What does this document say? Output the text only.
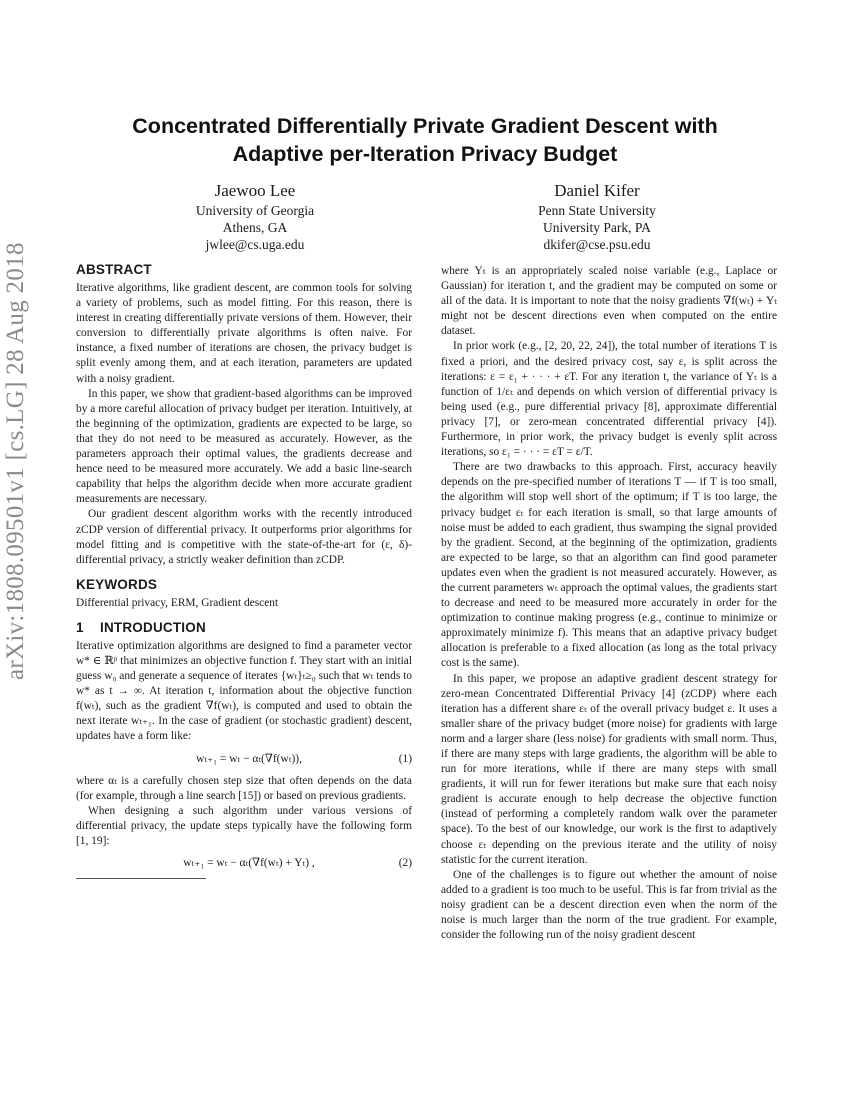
arXiv:1808.09501v1 [cs.LG] 28 Aug 2018
Concentrated Differentially Private Gradient Descent with Adaptive per-Iteration Privacy Budget
Jaewoo Lee
University of Georgia
Athens, GA
jwlee@cs.uga.edu
Daniel Kifer
Penn State University
University Park, PA
dkifer@cse.psu.edu
ABSTRACT

Iterative algorithms, like gradient descent, are common tools for solving a variety of problems, such as model fitting. For this reason, there is interest in creating differentially private versions of them. However, their conversion to differentially private algorithms is often naive. For instance, a fixed number of iterations are chosen, the privacy budget is split evenly among them, and at each iteration, parameters are updated with a noisy gradient.

In this paper, we show that gradient-based algorithms can be improved by a more careful allocation of privacy budget per iteration. Intuitively, at the beginning of the optimization, gradients are expected to be large, so that they do not need to be measured as accurately. However, as the parameters approach their optimal values, the gradients decrease and hence need to be measured more accurately. We add a basic line-search capability that helps the algorithm decide when more accurate gradient measurements are necessary.

Our gradient descent algorithm works with the recently introduced zCDP version of differential privacy. It outperforms prior algorithms for model fitting and is competitive with the state-of-the-art for (ε, δ)-differential privacy, a strictly weaker definition than zCDP.

KEYWORDS

Differential privacy, ERM, Gradient descent

1 INTRODUCTION

Iterative optimization algorithms are designed to find a parameter vector w* ∈ ℝᵖ that minimizes an objective function f. They start with an initial guess w₀ and generate a sequence of iterates {wₜ}ₜ≥₀ such that wₜ tends to w* as t → ∞. At iteration t, information about the objective function f(wₜ), such as the gradient ∇f(wₜ), is computed and used to obtain the next iterate wₜ₊₁. In the case of gradient (or stochastic gradient) descent, updates have a form like:

wₜ₊₁ = wₜ − αₜ(∇f(wₜ)),	(1)

where αₜ is a carefully chosen step size that often depends on the data (for example, through a line search [15]) or based on previous gradients.

When designing a such algorithm under various versions of differential privacy, the update steps typically have the following form [1, 19]:

wₜ₊₁ = wₜ − αₜ(∇f(wₜ) + Yₜ) ,	(2)

where Yₜ is an appropriately scaled noise variable (e.g., Laplace or Gaussian) for iteration t, and the gradient may be computed on some or all of the data. It is important to note that the noisy gradients ∇f(wₜ) + Yₜ might not be descent directions even when computed on the entire dataset.

In prior work (e.g., [2, 20, 22, 24]), the total number of iterations T is fixed a priori, and the desired privacy cost, say ε, is split across the iterations: ε = ε₁ + · · · + εT. For any iteration t, the variance of Yₜ is a function of 1/εₜ and depends on which version of differential privacy is being used (e.g., pure differential privacy [8], approximate differential privacy [7], or zero-mean concentrated differential privacy [4]). Furthermore, in prior work, the privacy budget is evenly split across iterations, so ε₁ = · · · = εT = ε/T.

There are two drawbacks to this approach. First, accuracy heavily depends on the pre-specified number of iterations T — if T is too small, the algorithm will stop well short of the optimum; if T is too large, the privacy budget εₜ for each iteration is small, so that large amounts of noise must be added to each gradient, thus swamping the signal provided by the gradient. Second, at the beginning of the optimization, gradients are expected to be large, so that an algorithm can find good parameter updates even when the gradient is not measured accurately. However, as the current parameters wₜ approach the optimal values, the gradients start to decrease and need to be measured more accurately in order for the optimization to continue making progress (e.g., continue to minimize or approximately minimize f). This means that an adaptive privacy budget allocation is preferable to a fixed allocation (as long as the total privacy cost is the same).

In this paper, we propose an adaptive gradient descent strategy for zero-mean Concentrated Differential Privacy [4] (zCDP) where each iteration has a different share εₜ of the overall privacy budget ε. It uses a smaller share of the privacy budget (more noise) for gradients with large norm and a larger share (less noise) for gradients with small norm. Thus, if there are many steps with large gradients, the algorithm will be able to run for more iterations, while if there are many steps with small gradients, it will run for fewer iterations but make sure that each noisy gradient is accurate enough to help decrease the objective function (instead of performing a completely random walk over the parameter space). To the best of our knowledge, our work is the first to adaptively choose εₜ depending on the previous iterate and the utility of noisy statistic for the current iteration.

One of the challenges is to figure out whether the amount of noise added to a gradient is too much to be useful. This is far from trivial as the noisy gradient can be a descent direction even when the norm of the noise is much larger than the norm of the true gradient. For example, consider the following run of the noisy gradient descent
